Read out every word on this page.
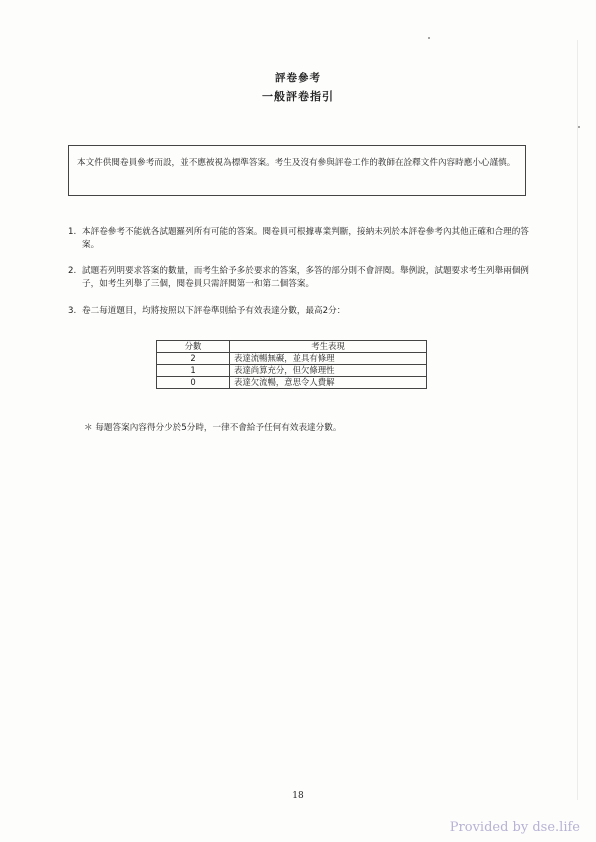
評卷參考
一般評卷指引
本文件供閱卷員參考而設，並不應被視為標準答案。考生及沒有參與評卷工作的教師在詮釋文件內容時應小心謹慎。
1. 本評卷參考不能就各試題羅列所有可能的答案。閱卷員可根據專業判斷，接納未列於本評卷參考內其他正確和合理的答案。
2. 試題若列明要求答案的數量，而考生給予多於要求的答案，多答的部分則不會評閱。舉例說，試題要求考生列舉兩個例子，如考生列舉了三個，閱卷員只需評閱第一和第二個答案。
3. 卷二每道題目，均將按照以下評卷準則給予有效表達分數，最高2分：
分數	考生表現
2	表達流暢無礙，並具有條理
1	表達尚算充分，但欠條理性
0	表達欠流暢，意思令人費解
＊ 每題答案內容得分少於5分時，一律不會給予任何有效表達分數。
18
Provided by dse.life
